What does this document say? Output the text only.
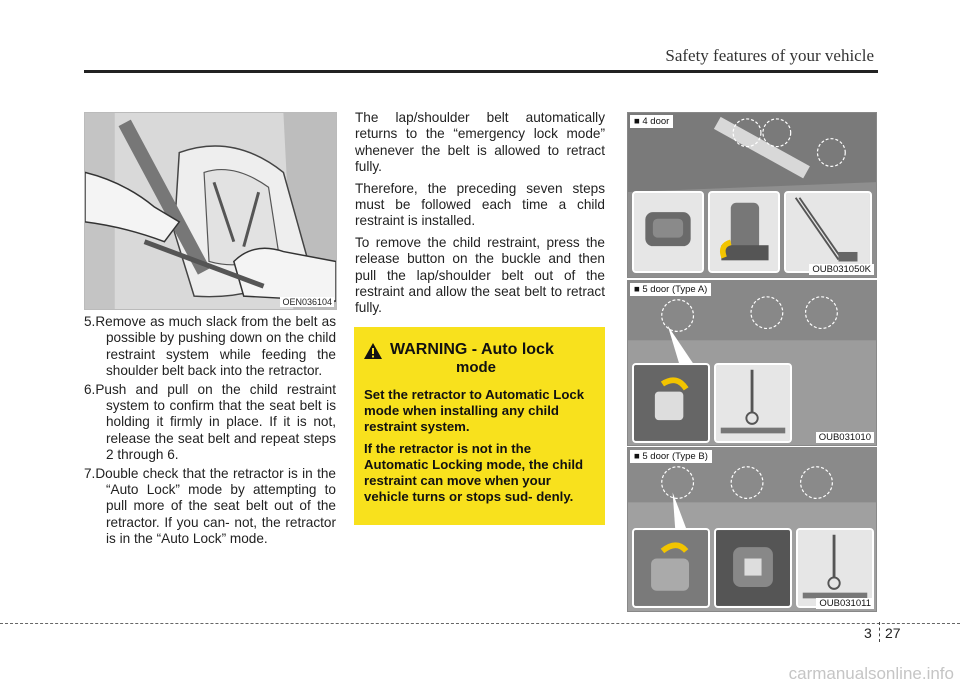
Safety features of your vehicle
OEN036104
5.Remove as much slack from the belt as possible by pushing down on the child restraint system while feeding the shoulder belt back into the retractor.
6.Push and pull on the child restraint system to confirm that the seat belt is holding it firmly in place. If it is not, release the seat belt and repeat steps 2 through 6.
7.Double check that the retractor is in the “Auto Lock” mode by attempting to pull more of the seat belt out of the retractor. If you can- not, the retractor is in the “Auto Lock” mode.

The lap/shoulder belt automatically returns to the “emergency lock mode” whenever the belt is allowed to retract fully.

Therefore, the preceding seven steps must be followed each time a child restraint is installed.

To remove the child restraint, press the release button on the buckle and then pull the lap/shoulder belt out of the restraint and allow the seat belt to retract fully.

WARNING - Auto lock
mode

Set the retractor to Automatic Lock mode when installing any child restraint system.

If the retractor is not in the Automatic Locking mode, the child restraint can move when your vehicle turns or stops sud- denly.

■ 4 door
OUB031050K
■ 5 door (Type A)
OUB031010
■ 5 door (Type B)
OUB031011
3 27
carmanualsonline.info
